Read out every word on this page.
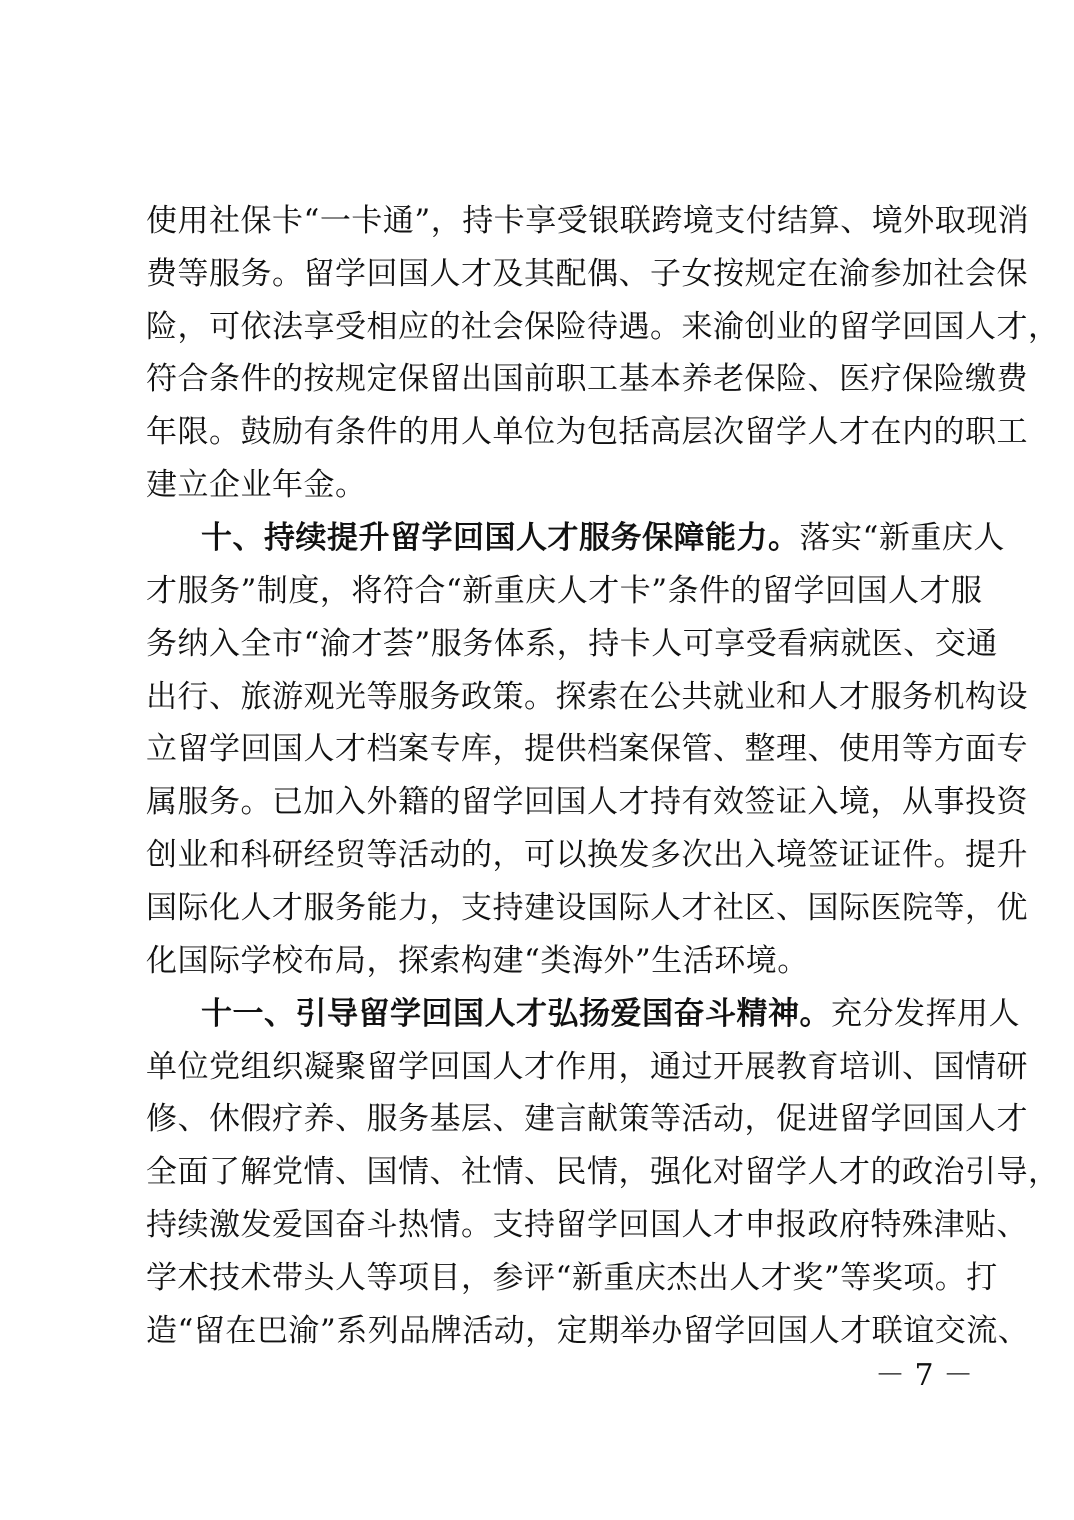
使用社保卡“一卡通”，持卡享受银联跨境支付结算、境外取现消
费等服务。留学回国人才及其配偶、子女按规定在渝参加社会保
险，可依法享受相应的社会保险待遇。来渝创业的留学回国人才，
符合条件的按规定保留出国前职工基本养老保险、医疗保险缴费
年限。鼓励有条件的用人单位为包括高层次留学人才在内的职工
建立企业年金。
十、持续提升留学回国人才服务保障能力。落实“新重庆人
才服务”制度，将符合“新重庆人才卡”条件的留学回国人才服
务纳入全市“渝才荟”服务体系，持卡人可享受看病就医、交通
出行、旅游观光等服务政策。探索在公共就业和人才服务机构设
立留学回国人才档案专库，提供档案保管、整理、使用等方面专
属服务。已加入外籍的留学回国人才持有效签证入境，从事投资
创业和科研经贸等活动的，可以换发多次出入境签证证件。提升
国际化人才服务能力，支持建设国际人才社区、国际医院等，优
化国际学校布局，探索构建“类海外”生活环境。
十一、引导留学回国人才弘扬爱国奋斗精神。充分发挥用人
单位党组织凝聚留学回国人才作用，通过开展教育培训、国情研
修、休假疗养、服务基层、建言献策等活动，促进留学回国人才
全面了解党情、国情、社情、民情，强化对留学人才的政治引导，
持续激发爱国奋斗热情。支持留学回国人才申报政府特殊津贴、
学术技术带头人等项目，参评“新重庆杰出人才奖”等奖项。打
造“留在巴渝”系列品牌活动，定期举办留学回国人才联谊交流、
－ 7 －
